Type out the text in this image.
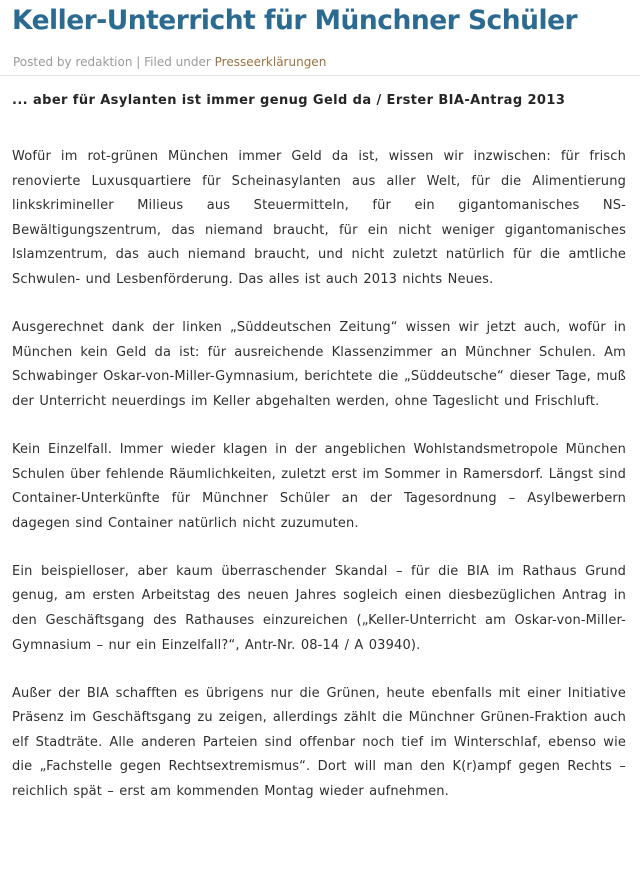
Keller-Unterricht für Münchner Schüler
Posted by redaktion | Filed under Presseerklärungen
... aber für Asylanten ist immer genug Geld da / Erster BIA-Antrag 2013

Wofür im rot-grünen München immer Geld da ist, wissen wir inzwischen: für frisch renovierte Luxusquartiere für Scheinasylanten aus aller Welt, für die Alimentierung linkskrimineller Milieus aus Steuermitteln, für ein gigantomanisches NS-Bewältigungszentrum, das niemand braucht, für ein nicht weniger gigantomanisches Islamzentrum, das auch niemand braucht, und nicht zuletzt natürlich für die amtliche Schwulen- und Lesbenförderung. Das alles ist auch 2013 nichts Neues.

Ausgerechnet dank der linken „Süddeutschen Zeitung“ wissen wir jetzt auch, wofür in München kein Geld da ist: für ausreichende Klassenzimmer an Münchner Schulen. Am Schwabinger Oskar-von-Miller-Gymnasium, berichtete die „Süddeutsche“ dieser Tage, muß der Unterricht neuerdings im Keller abgehalten werden, ohne Tageslicht und Frischluft.

Kein Einzelfall. Immer wieder klagen in der angeblichen Wohlstandsmetropole München Schulen über fehlende Räumlichkeiten, zuletzt erst im Sommer in Ramersdorf. Längst sind Container-Unterkünfte für Münchner Schüler an der Tagesordnung – Asylbewerbern dagegen sind Container natürlich nicht zuzumuten.

Ein beispielloser, aber kaum überraschender Skandal – für die BIA im Rathaus Grund genug, am ersten Arbeitstag des neuen Jahres sogleich einen diesbezüglichen Antrag in den Geschäftsgang des Rathauses einzureichen („Keller-Unterricht am Oskar-von-Miller-Gymnasium – nur ein Einzelfall?“, Antr-Nr. 08-14 / A 03940).

Außer der BIA schafften es übrigens nur die Grünen, heute ebenfalls mit einer Initiative Präsenz im Geschäftsgang zu zeigen, allerdings zählt die Münchner Grünen-Fraktion auch elf Stadträte. Alle anderen Parteien sind offenbar noch tief im Winterschlaf, ebenso wie die „Fachstelle gegen Rechtsextremismus“. Dort will man den K(r)ampf gegen Rechts – reichlich spät – erst am kommenden Montag wieder aufnehmen.
